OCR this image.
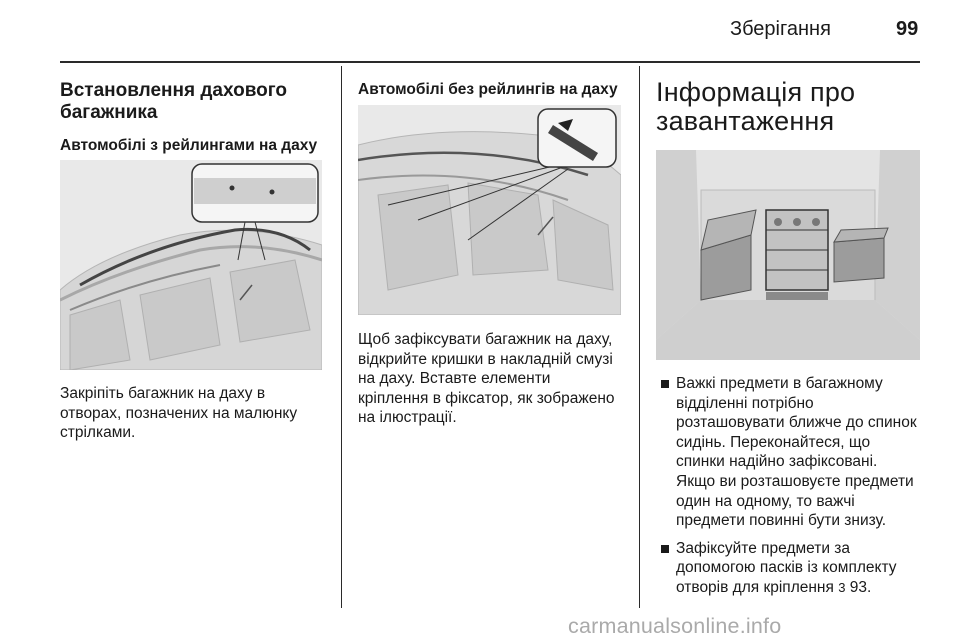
Зберігання	99
Встановлення дахового
багажника
Автомобілі з рейлингами на даху
Закріпіть багажник на даху в
отворах, позначених на малюнку
стрілками.
Автомобілі без рейлингів на даху
Щоб зафіксувати багажник на даху,
відкрийте кришки в накладній смузі
на даху. Вставте елементи
кріплення в фіксатор, як зображено
на ілюстрації.
Інформація про
завантаження
Важкі предмети в багажному
відділенні потрібно
розташовувати ближче до спинок
сидінь. Переконайтеся, що
спинки надійно зафіксовані.
Якщо ви розташовуєте предмети
один на одному, то важчі
предмети повинні бути знизу.
Зафіксуйте предмети за
допомогою пасків із комплекту
отворів для кріплення 3 93.
carmanualsonline.info
